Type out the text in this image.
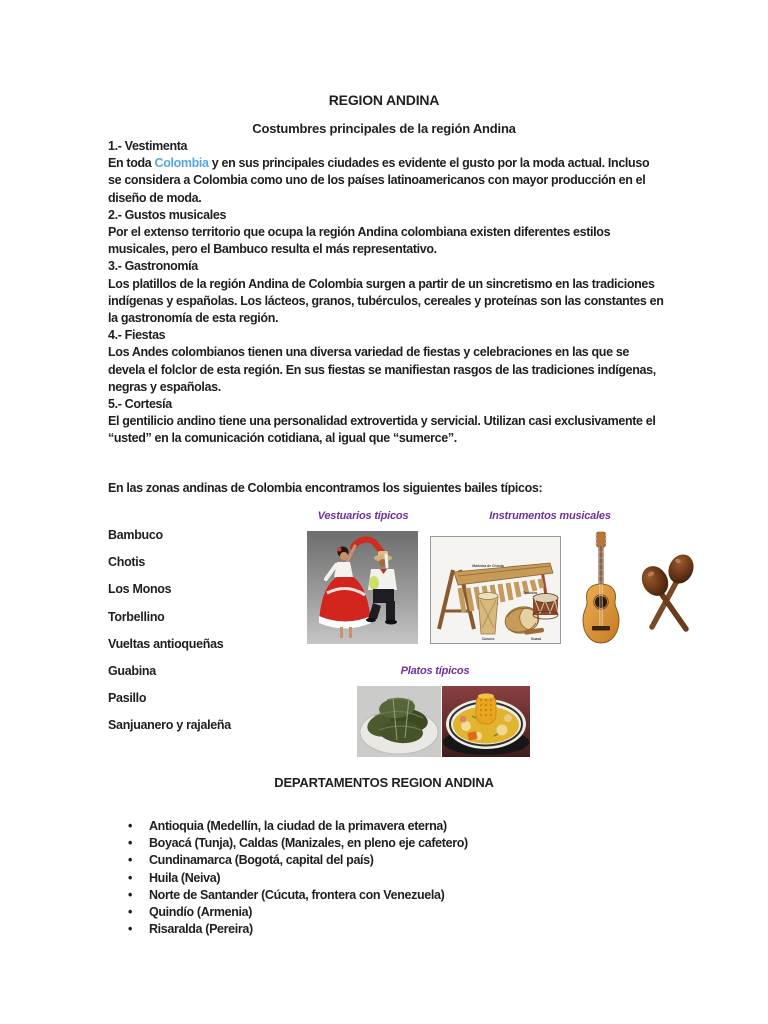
REGION ANDINA
Costumbres principales de la región Andina
1.- Vestimenta

En toda Colombia y en sus principales ciudades es evidente el gusto por la moda actual. Incluso se considera a Colombia como uno de los países latinoamericanos con mayor producción en el diseño de moda.

2.- Gustos musicales

Por el extenso territorio que ocupa la región Andina colombiana existen diferentes estilos musicales, pero el Bambuco resulta el más representativo.

3.- Gastronomía

Los platillos de la región Andina de Colombia surgen a partir de un sincretismo en las tradiciones indígenas y españolas. Los lácteos, granos, tubérculos, cereales y proteínas son las constantes en la gastronomía de esta región.

4.- Fiestas

Los Andes colombianos tienen una diversa variedad de fiestas y celebraciones en las que se devela el folclor de esta región. En sus fiestas se manifiestan rasgos de las tradiciones indígenas, negras y españolas.

5.- Cortesía

El gentilicio andino tiene una personalidad extrovertida y servicial. Utilizan casi exclusivamente el “usted” en la comunicación cotidiana, al igual que “sumerce”.

En las zonas andinas de Colombia encontramos los siguientes bailes típicos:
Bambuco
Chotis
Los Monos
Torbellino
Vueltas antioqueñas
Guabina
Pasillo
Sanjuanero y rajaleña
Vestuarios típicos	Instrumentos musicales
Marimba de Chonta
Tambora
Cununo	Guasá
Platos típicos
DEPARTAMENTOS REGION ANDINA
• Antioquia (Medellín, la ciudad de la primavera eterna)
• Boyacá (Tunja), Caldas (Manizales, en pleno eje cafetero)
• Cundinamarca (Bogotá, capital del país)
• Huila (Neiva)
• Norte de Santander (Cúcuta, frontera con Venezuela)
• Quindío (Armenia)
• Risaralda (Pereira)
